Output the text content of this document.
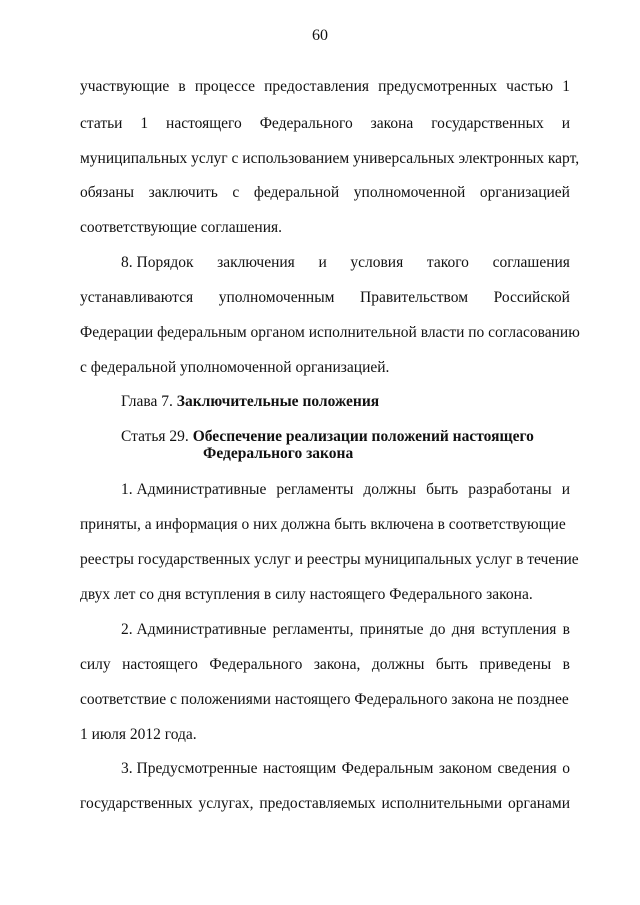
60
участвующие в процессе предоставления предусмотренных частью 1
статьи 1 настоящего Федерального закона государственных и
муниципальных услуг с использованием универсальных электронных карт,
обязаны заключить с федеральной уполномоченной организацией
соответствующие соглашения.
8. Порядок заключения и условия такого соглашения
устанавливаются уполномоченным Правительством Российской
Федерации федеральным органом исполнительной власти по согласованию
с федеральной уполномоченной организацией.
Глава 7. Заключительные положения
Статья 29. Обеспечение реализации положений настоящего
Федерального закона
1. Административные регламенты должны быть разработаны и
приняты, а информация о них должна быть включена в соответствующие
реестры государственных услуг и реестры муниципальных услуг в течение
двух лет со дня вступления в силу настоящего Федерального закона.
2. Административные регламенты, принятые до дня вступления в
силу настоящего Федерального закона, должны быть приведены в
соответствие с положениями настоящего Федерального закона не позднее
1 июля 2012 года.
3. Предусмотренные настоящим Федеральным законом сведения о
государственных услугах, предоставляемых исполнительными органами
